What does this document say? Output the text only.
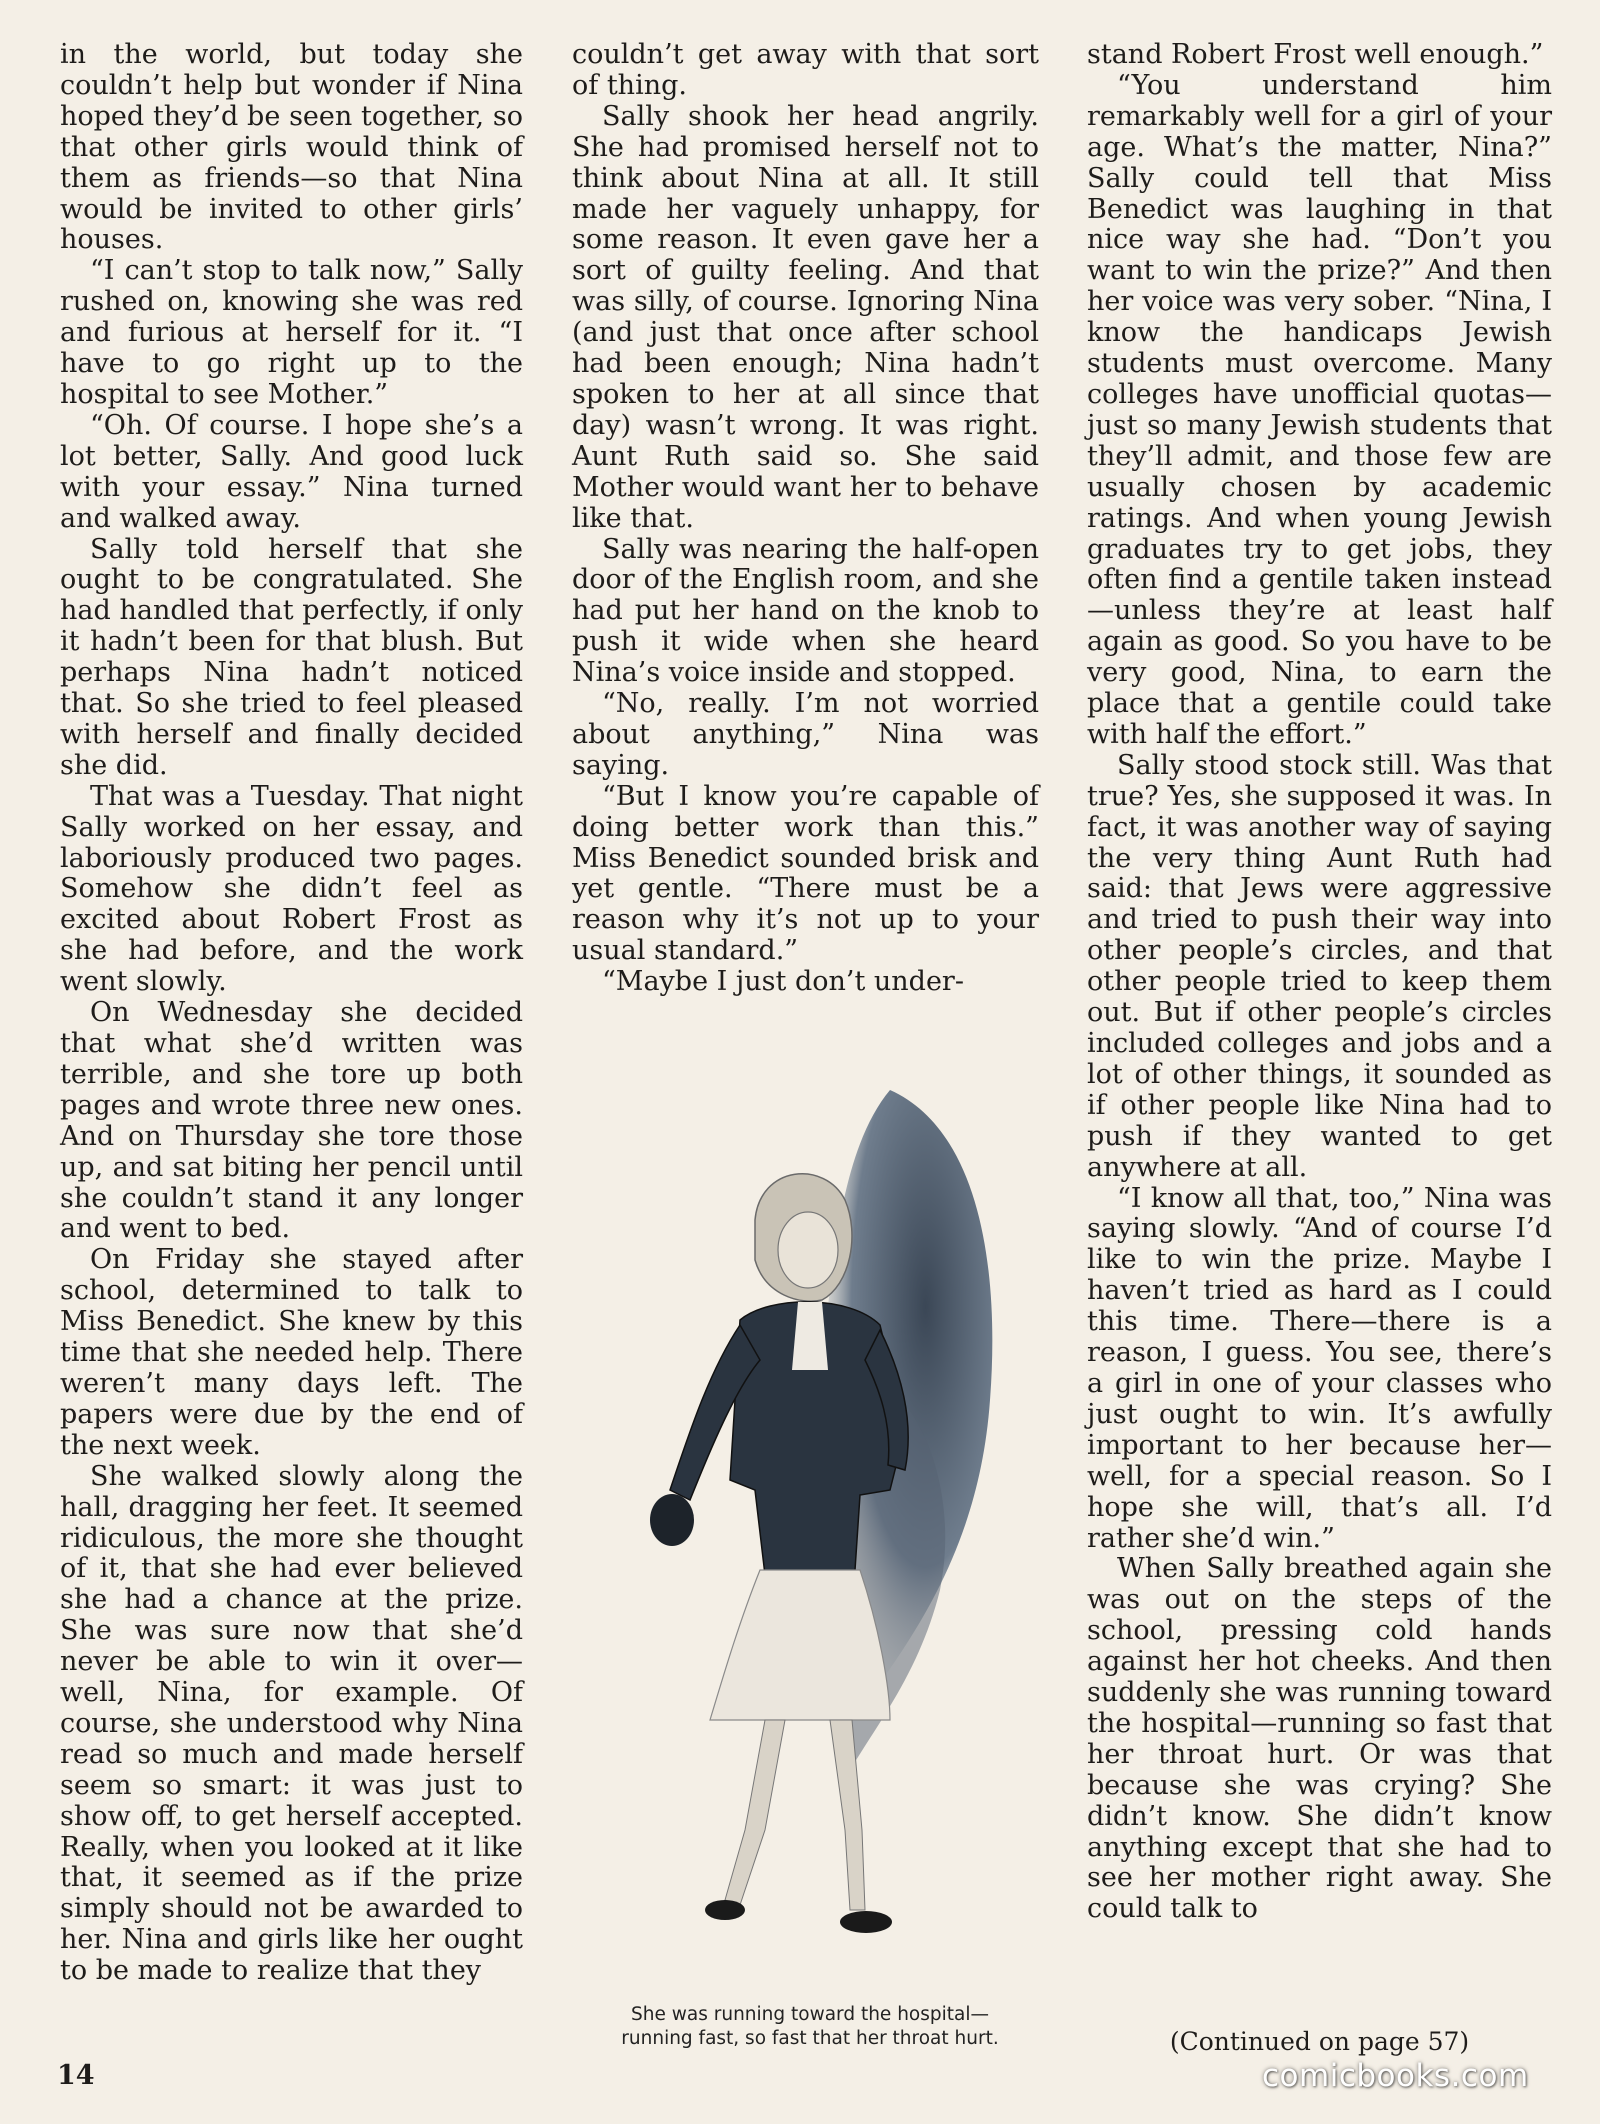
in the world, but today she couldn’t help but wonder if Nina hoped they’d be seen together, so that other girls would think of them as friends—so that Nina would be invited to other girls’ houses.

“I can’t stop to talk now,” Sally rushed on, knowing she was red and furious at herself for it. “I have to go right up to the hospital to see Mother.”

“Oh. Of course. I hope she’s a lot better, Sally. And good luck with your essay.” Nina turned and walked away.

Sally told herself that she ought to be congratulated. She had handled that perfectly, if only it hadn’t been for that blush. But perhaps Nina hadn’t noticed that. So she tried to feel pleased with herself and finally decided she did.

That was a Tuesday. That night Sally worked on her essay, and laboriously produced two pages. Somehow she didn’t feel as excited about Robert Frost as she had before, and the work went slowly.

On Wednesday she decided that what she’d written was terrible, and she tore up both pages and wrote three new ones. And on Thursday she tore those up, and sat biting her pencil until she couldn’t stand it any longer and went to bed.

On Friday she stayed after school, determined to talk to Miss Benedict. She knew by this time that she needed help. There weren’t many days left. The papers were due by the end of the next week.

She walked slowly along the hall, dragging her feet. It seemed ridiculous, the more she thought of it, that she had ever believed she had a chance at the prize. She was sure now that she’d never be able to win it over—well, Nina, for example. Of course, she understood why Nina read so much and made herself seem so smart: it was just to show off, to get herself accepted. Really, when you looked at it like that, it seemed as if the prize simply should not be awarded to her. Nina and girls like her ought to be made to realize that they

couldn’t get away with that sort of thing.

Sally shook her head angrily. She had promised herself not to think about Nina at all. It still made her vaguely unhappy, for some reason. It even gave her a sort of guilty feeling. And that was silly, of course. Ignoring Nina (and just that once after school had been enough; Nina hadn’t spoken to her at all since that day) wasn’t wrong. It was right. Aunt Ruth said so. She said Mother would want her to behave like that.

Sally was nearing the half-open door of the English room, and she had put her hand on the knob to push it wide when she heard Nina’s voice inside and stopped.

“No, really. I’m not worried about anything,” Nina was saying.

“But I know you’re capable of doing better work than this.” Miss Benedict sounded brisk and yet gentle. “There must be a reason why it’s not up to your usual standard.”

“Maybe I just don’t under-

stand Robert Frost well enough.”

“You understand him remarkably well for a girl of your age. What’s the matter, Nina?” Sally could tell that Miss Benedict was laughing in that nice way she had. “Don’t you want to win the prize?” And then her voice was very sober. “Nina, I know the handicaps Jewish students must overcome. Many colleges have unofficial quotas—just so many Jewish students that they’ll admit, and those few are usually chosen by academic ratings. And when young Jewish graduates try to get jobs, they often find a gentile taken instead—unless they’re at least half again as good. So you have to be very good, Nina, to earn the place that a gentile could take with half the effort.”

Sally stood stock still. Was that true? Yes, she supposed it was. In fact, it was another way of saying the very thing Aunt Ruth had said: that Jews were aggressive and tried to push their way into other people’s circles, and that other people tried to keep them out. But if other people’s circles included colleges and jobs and a lot of other things, it sounded as if other people like Nina had to push if they wanted to get anywhere at all.

“I know all that, too,” Nina was saying slowly. “And of course I’d like to win the prize. Maybe I haven’t tried as hard as I could this time. There—there is a reason, I guess. You see, there’s a girl in one of your classes who just ought to win. It’s awfully important to her because her—well, for a special reason. So I hope she will, that’s all. I’d rather she’d win.”

When Sally breathed again she was out on the steps of the school, pressing cold hands against her hot cheeks. And then suddenly she was running toward the hospital—running so fast that her throat hurt. Or was that because she was crying? She didn’t know. She didn’t know anything except that she had to see her mother right away. She could talk to

She was running toward the hospital—
running fast, so fast that her throat hurt.	(Continued on page 57)
14	comicbooks.com
